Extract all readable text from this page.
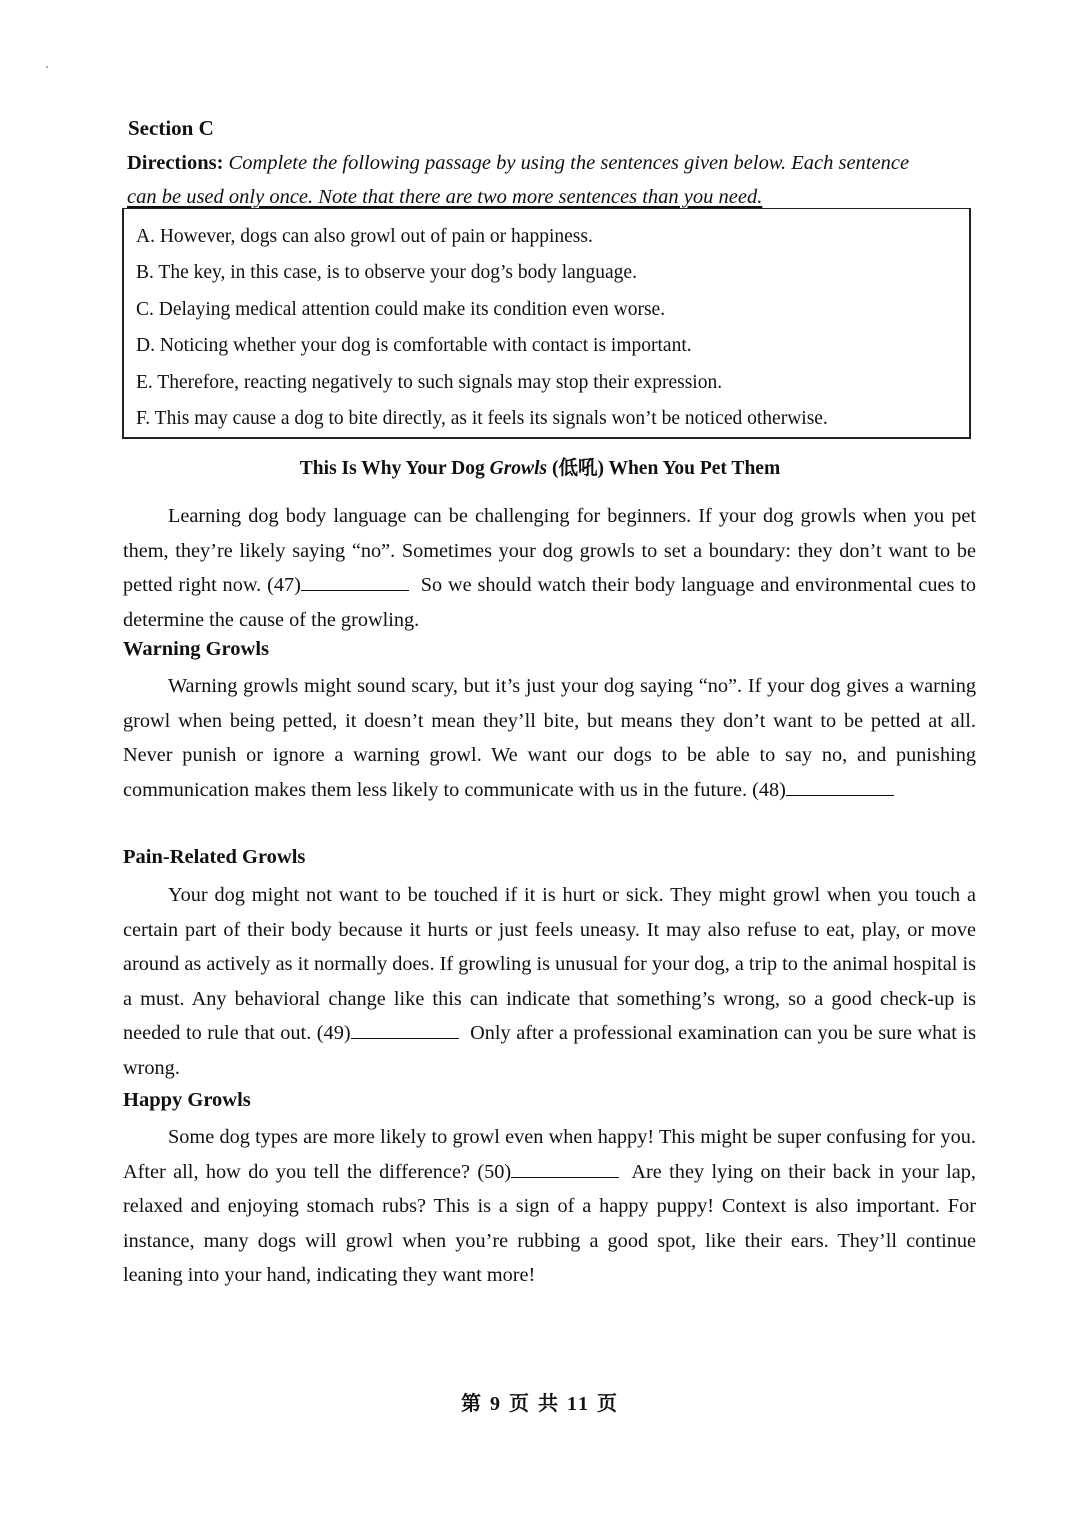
Section C
Directions: Complete the following passage by using the sentences given below. Each sentence
can be used only once. Note that there are two more sentences than you need.
A. However, dogs can also growl out of pain or happiness.
B. The key, in this case, is to observe your dog’s body language.
C. Delaying medical attention could make its condition even worse.
D. Noticing whether your dog is comfortable with contact is important.
E. Therefore, reacting negatively to such signals may stop their expression.
F. This may cause a dog to bite directly, as it feels its signals won’t be noticed otherwise.
This Is Why Your Dog Growls (低吼) When You Pet Them

Learning dog body language can be challenging for beginners. If your dog growls when you pet them, they’re likely saying “no”. Sometimes your dog growls to set a boundary: they don’t want to be petted right now. (47)	So we should watch their body language and environmental cues to determine the cause of the growling.

Warning Growls

Warning growls might sound scary, but it’s just your dog saying “no”. If your dog gives a warning growl when being petted, it doesn’t mean they’ll bite, but means they don’t want to be petted at all. Never punish or ignore a warning growl. We want our dogs to be able to say no, and punishing communication makes them less likely to communicate with us in the future. (48)

Pain-Related Growls

Your dog might not want to be touched if it is hurt or sick. They might growl when you touch a certain part of their body because it hurts or just feels uneasy. It may also refuse to eat, play, or move around as actively as it normally does. If growling is unusual for your dog, a trip to the animal hospital is a must. Any behavioral change like this can indicate that something’s wrong, so a good check-up is needed to rule that out. (49)	Only after a professional examination can you be sure what is wrong.

Happy Growls

Some dog types are more likely to growl even when happy! This might be super confusing for you. After all, how do you tell the difference? (50)	Are they lying on their back in your lap, relaxed and enjoying stomach rubs? This is a sign of a happy puppy! Context is also important. For instance, many dogs will growl when you’re rubbing a good spot, like their ears. They’ll continue leaning into your hand, indicating they want more!

第 9 页 共 11 页
